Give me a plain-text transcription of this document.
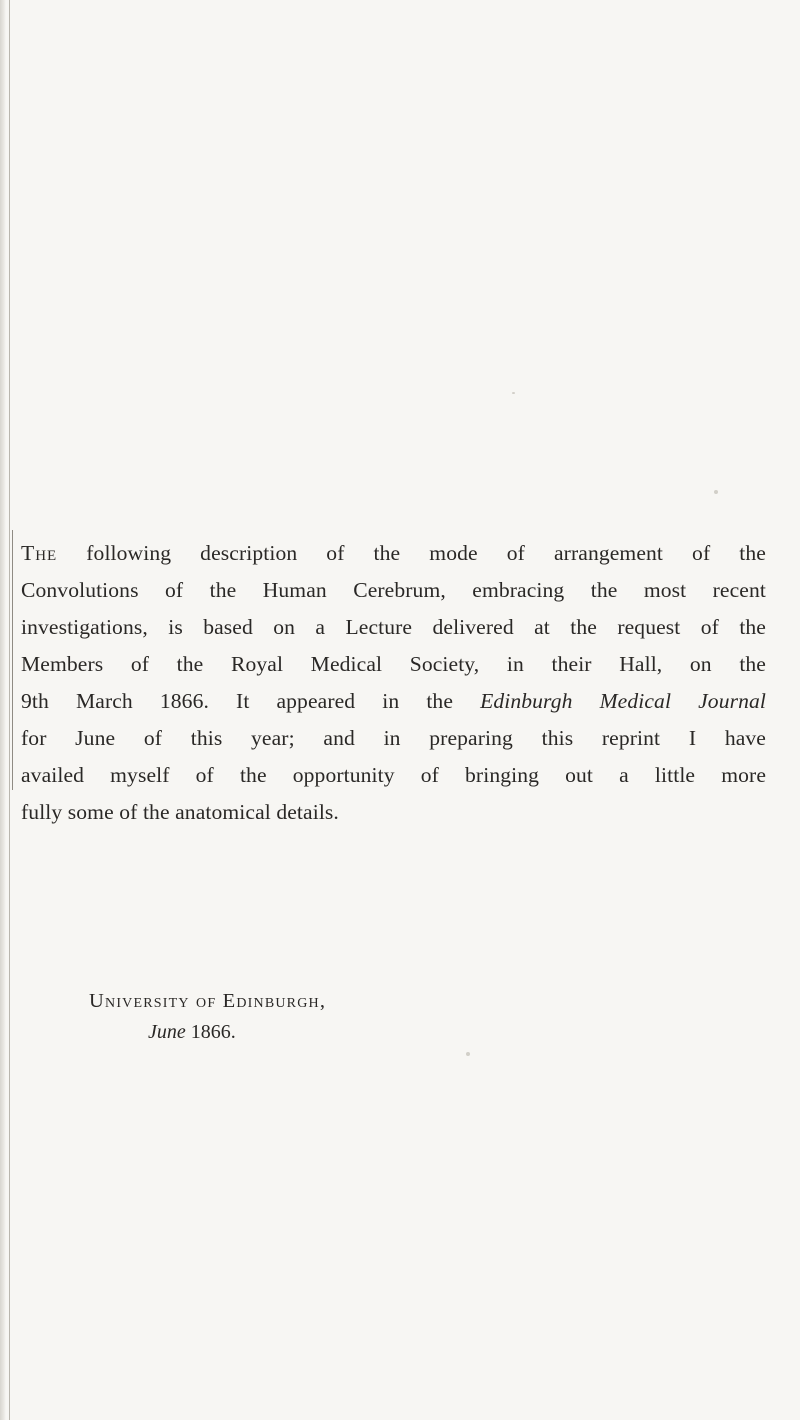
The following description of the mode of arrangement of the
Convolutions of the Human Cerebrum, embracing the most recent
investigations, is based on a Lecture delivered at the request of the
Members of the Royal Medical Society, in their Hall, on the
9th March 1866. It appeared in the Edinburgh Medical Journal
for June of this year; and in preparing this reprint I have
availed myself of the opportunity of bringing out a little more
fully some of the anatomical details.
University of Edinburgh,
June 1866.
